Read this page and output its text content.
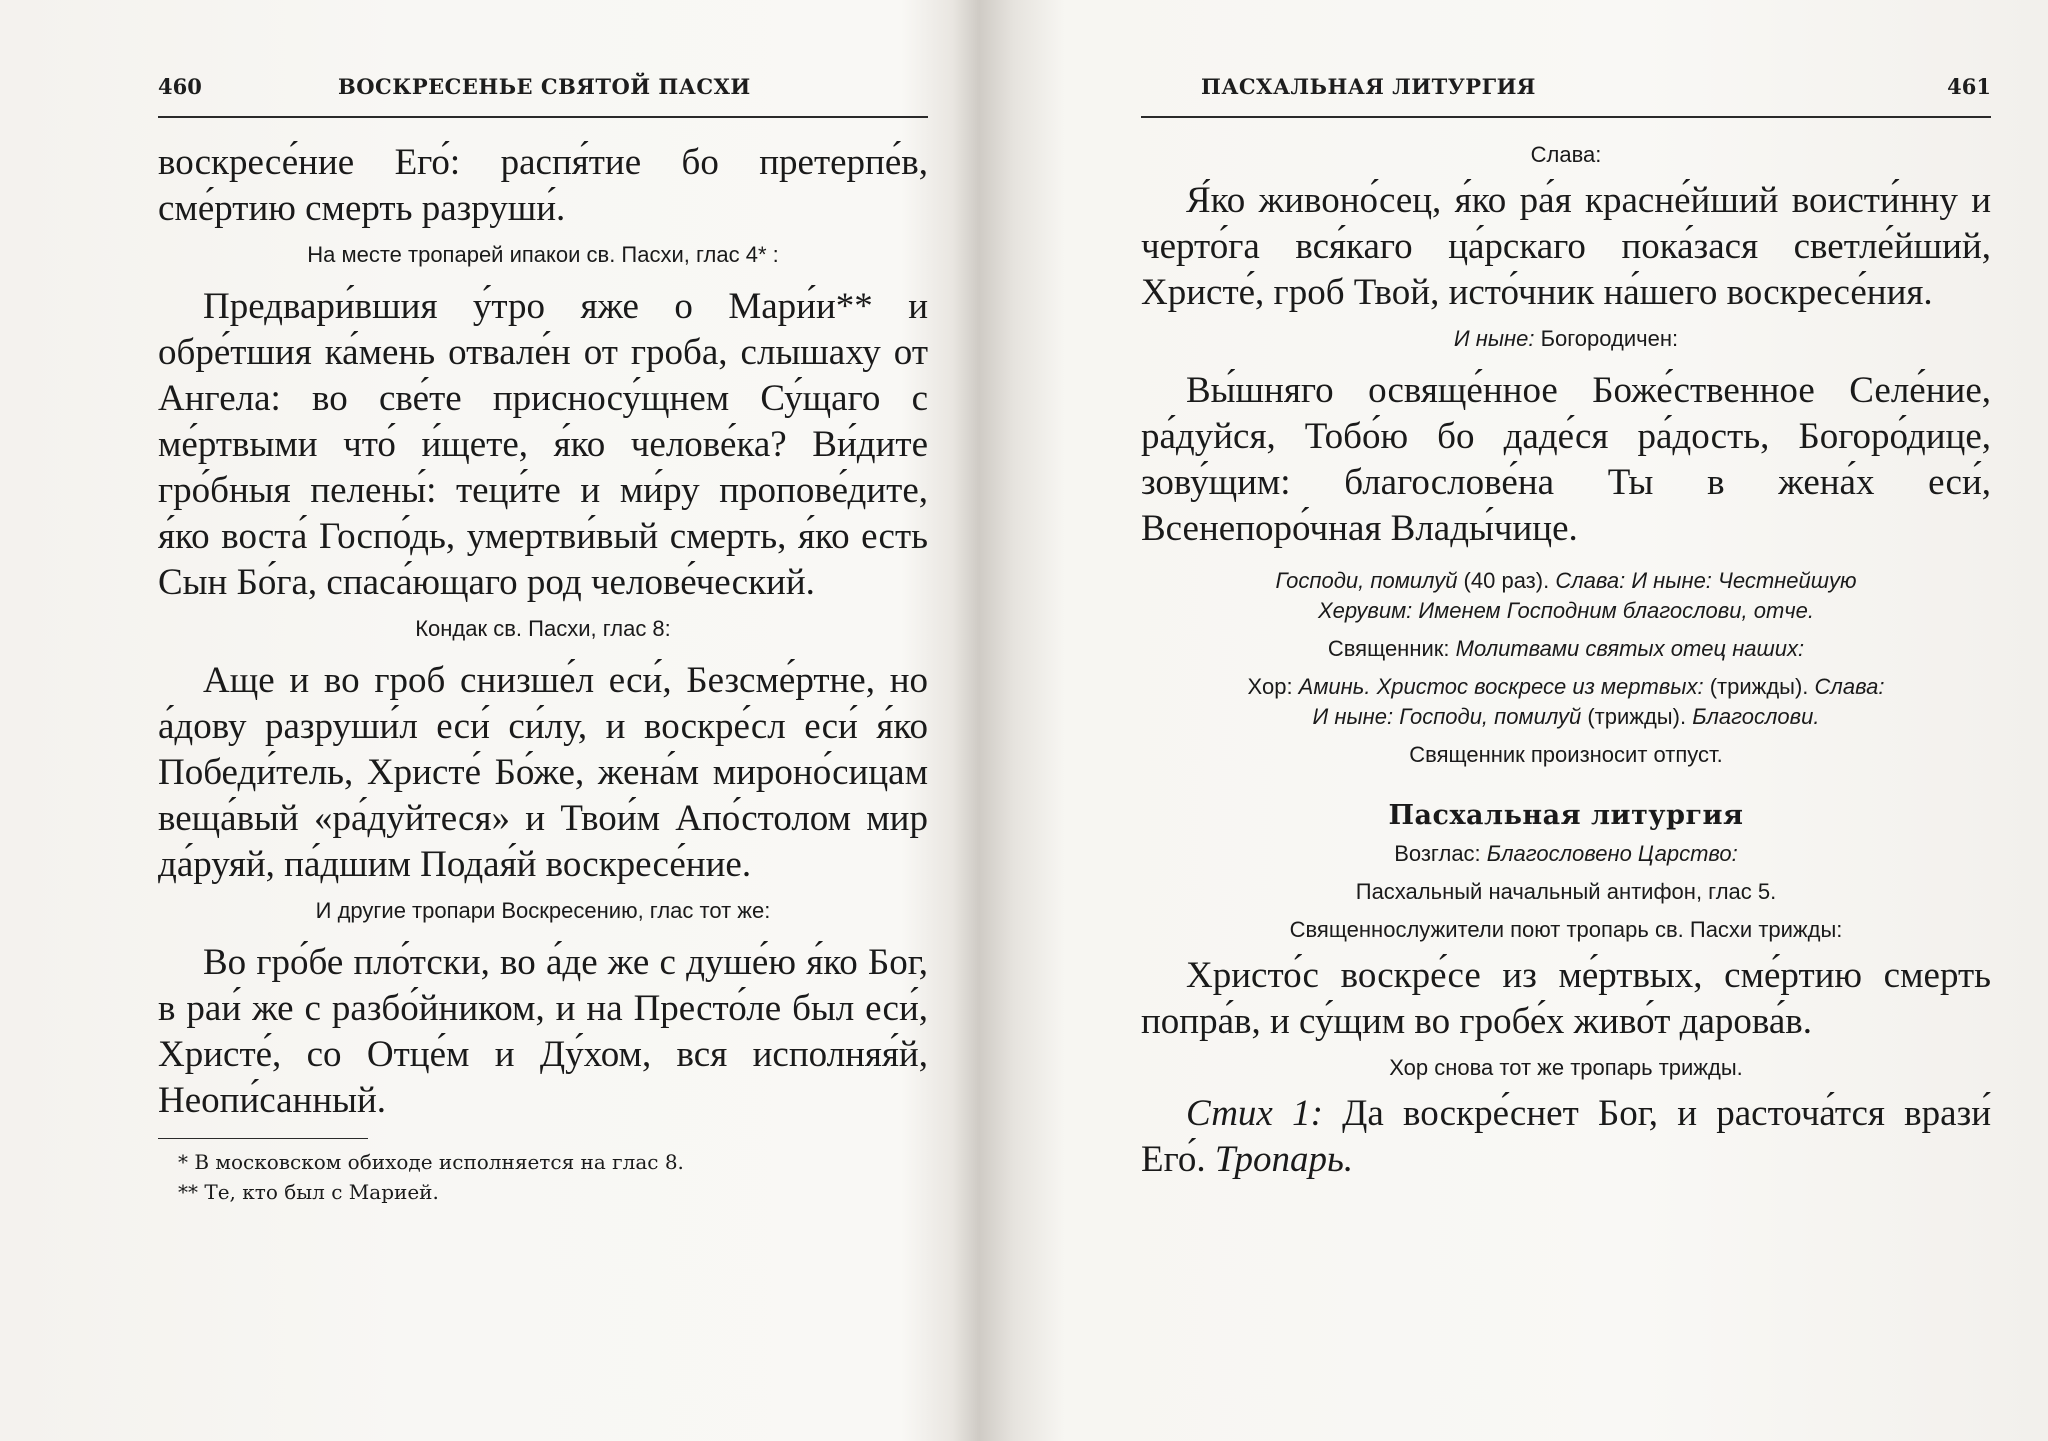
460	ВОСКРЕСЕНЬЕ СВЯТОЙ ПАСХИ

воскресе́ние Его́: распя́тие бо претерпе́в, сме́ртию смерть разруши́.

На месте тропарей ипакои св. Пасхи, глас 4* :

Предвари́вшия у́тро яже о Мари́и** и обре́тшия ка́мень отвале́н от гроба, слышаху от Ангела: во све́те присносу́щнем Су́щаго с ме́ртвыми что́ и́щете, я́ко челове́ка? Ви́дите гро́бныя пелены́: теци́те и ми́ру пропове́дите, я́ко воста́ Госпо́дь, умертви́вый смерть, я́ко есть Сын Бо́га, спаса́ющаго род челове́ческий.

Кондак св. Пасхи, глас 8:

Аще и во гроб снизше́л еси́, Безсме́ртне, но а́дову разруши́л еси́ си́лу, и воскре́сл еси́ я́ко Победи́тель, Христе́ Бо́же, жена́м мироно́сицам веща́вый «ра́дуйтеся» и Твои́м Апо́столом мир да́руяй, па́дшим Подая́й воскресе́ние.

И другие тропари Воскресению, глас тот же:

Во гро́бе пло́тски, во а́де же с душе́ю я́ко Бог, в раи́ же с разбо́йником, и на Престо́ле был еси́, Христе́, со Отце́м и Ду́хом, вся исполняя́й, Неопи́санный.

* В московском обиходе исполняется на глас 8.
** Те, кто был с Марией.
ПАСХАЛЬНАЯ ЛИТУРГИЯ	461

Слава:

Я́ко живоно́сец, я́ко ра́я красне́йший воисти́нну и черто́га вся́каго ца́рскаго пока́зася светле́йший, Христе́, гроб Твой, исто́чник на́шего воскресе́ния.

И ныне: Богородичен:

Вы́шняго освяще́нное Боже́ственное Селе́ние, ра́дуйся, Тобо́ю бо даде́ся ра́дость, Богоро́дице, зову́щим: благослове́на Ты в жена́х еси́, Всенепоро́чная Влады́чице.

Господи, помилуй (40 раз). Слава: И ныне: Честнейшую
Херувим: Именем Господним благослови, отче.

Священник: Молитвами святых отец наших:

Хор: Аминь. Христос воскресе из мертвых: (трижды). Слава:
И ныне: Господи, помилуй (трижды). Благослови.

Священник произносит отпуст.

Пасхальная литургия

Возглас: Благословено Царство:

Пасхальный начальный антифон, глас 5.

Священнослужители поют тропарь св. Пасхи трижды:

Христо́с воскре́се из ме́ртвых, сме́ртию смерть попра́в, и су́щим во гробе́х живо́т дарова́в.

Хор снова тот же тропарь трижды.

Стих 1: Да воскре́снет Бог, и расточа́тся врази́ Его́. Тропарь.
